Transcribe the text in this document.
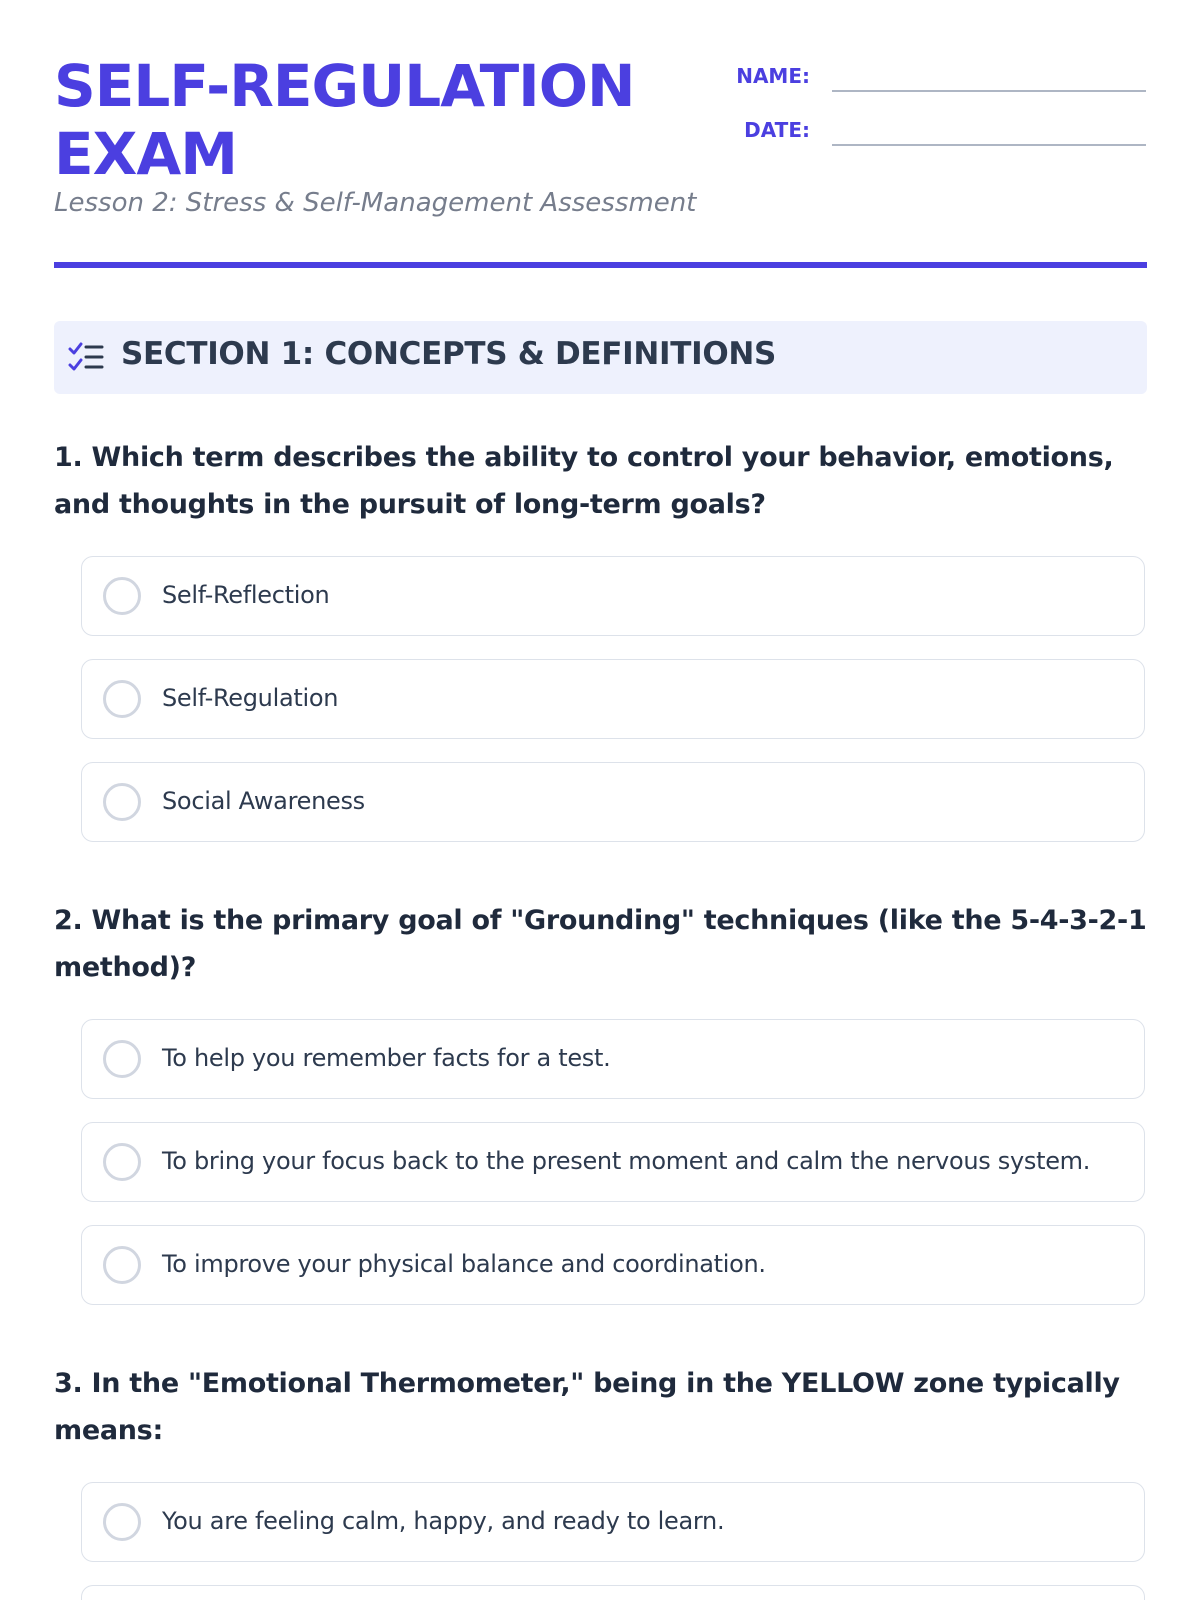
SELF-REGULATION EXAM
Lesson 2: Stress & Self-Management Assessment
NAME:
DATE:
SECTION 1: CONCEPTS & DEFINITIONS

1. Which term describes the ability to control your behavior, emotions, and thoughts in the pursuit of long-term goals?

Self-Reflection
Self-Regulation
Social Awareness

2. What is the primary goal of "Grounding" techniques (like the 5-4-3-2-1 method)?

To help you remember facts for a test.
To bring your focus back to the present moment and calm the nervous system.
To improve your physical balance and coordination.

3. In the "Emotional Thermometer," being in the YELLOW zone typically means:

You are feeling calm, happy, and ready to learn.
